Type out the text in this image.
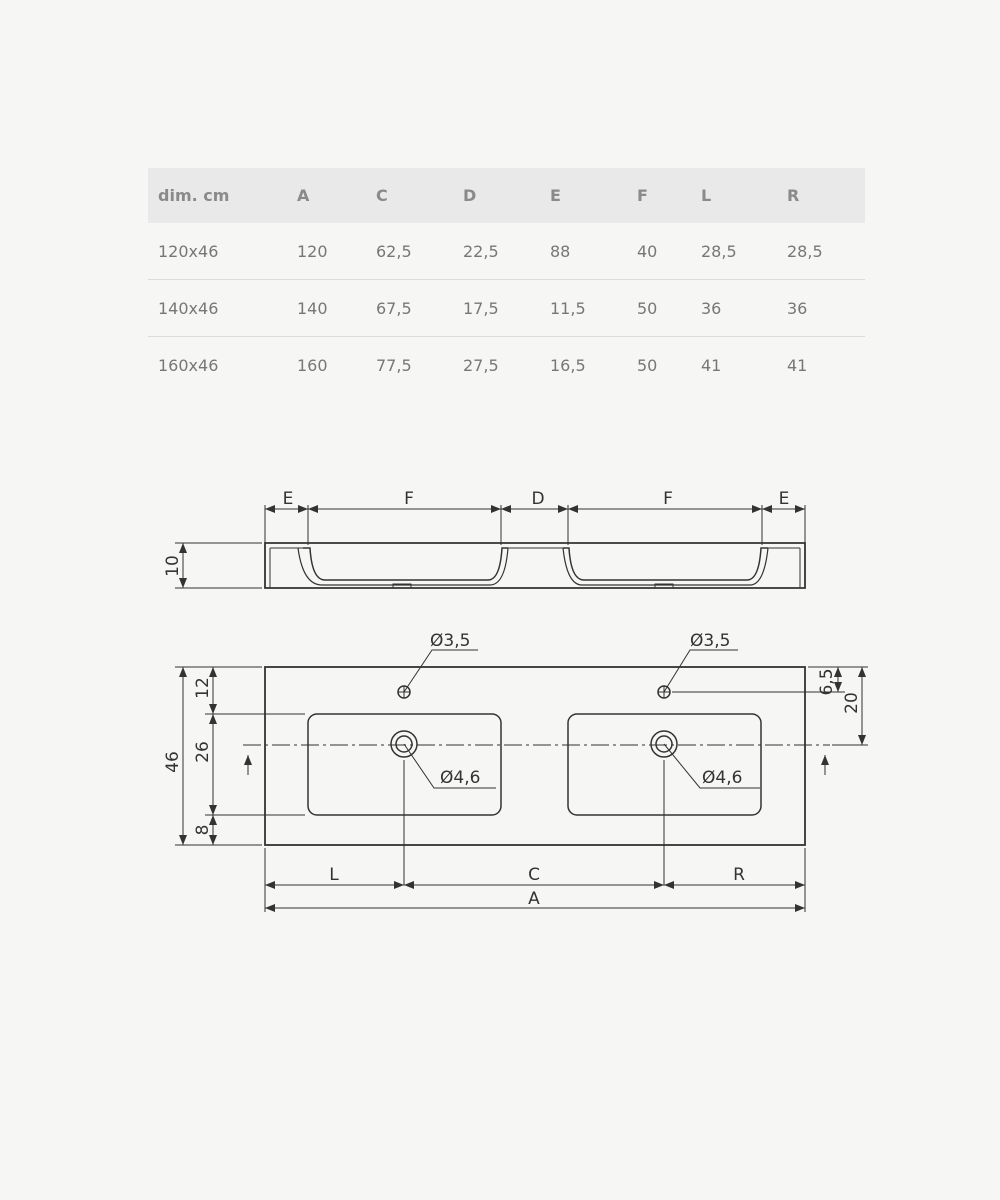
dim. cm	A	C	D	E	F	L	R
120x46	120	62,5	22,5	88	40	28,5	28,5
140x46	140	67,5	17,5	11,5	50	36	36
160x46	160	77,5	27,5	16,5	50	41	41
E	F	D	F	E
10
Ø3,5	Ø3,5
Ø4,6	Ø4,6
46 26
12
8
6,5
20
L	C	R
A
